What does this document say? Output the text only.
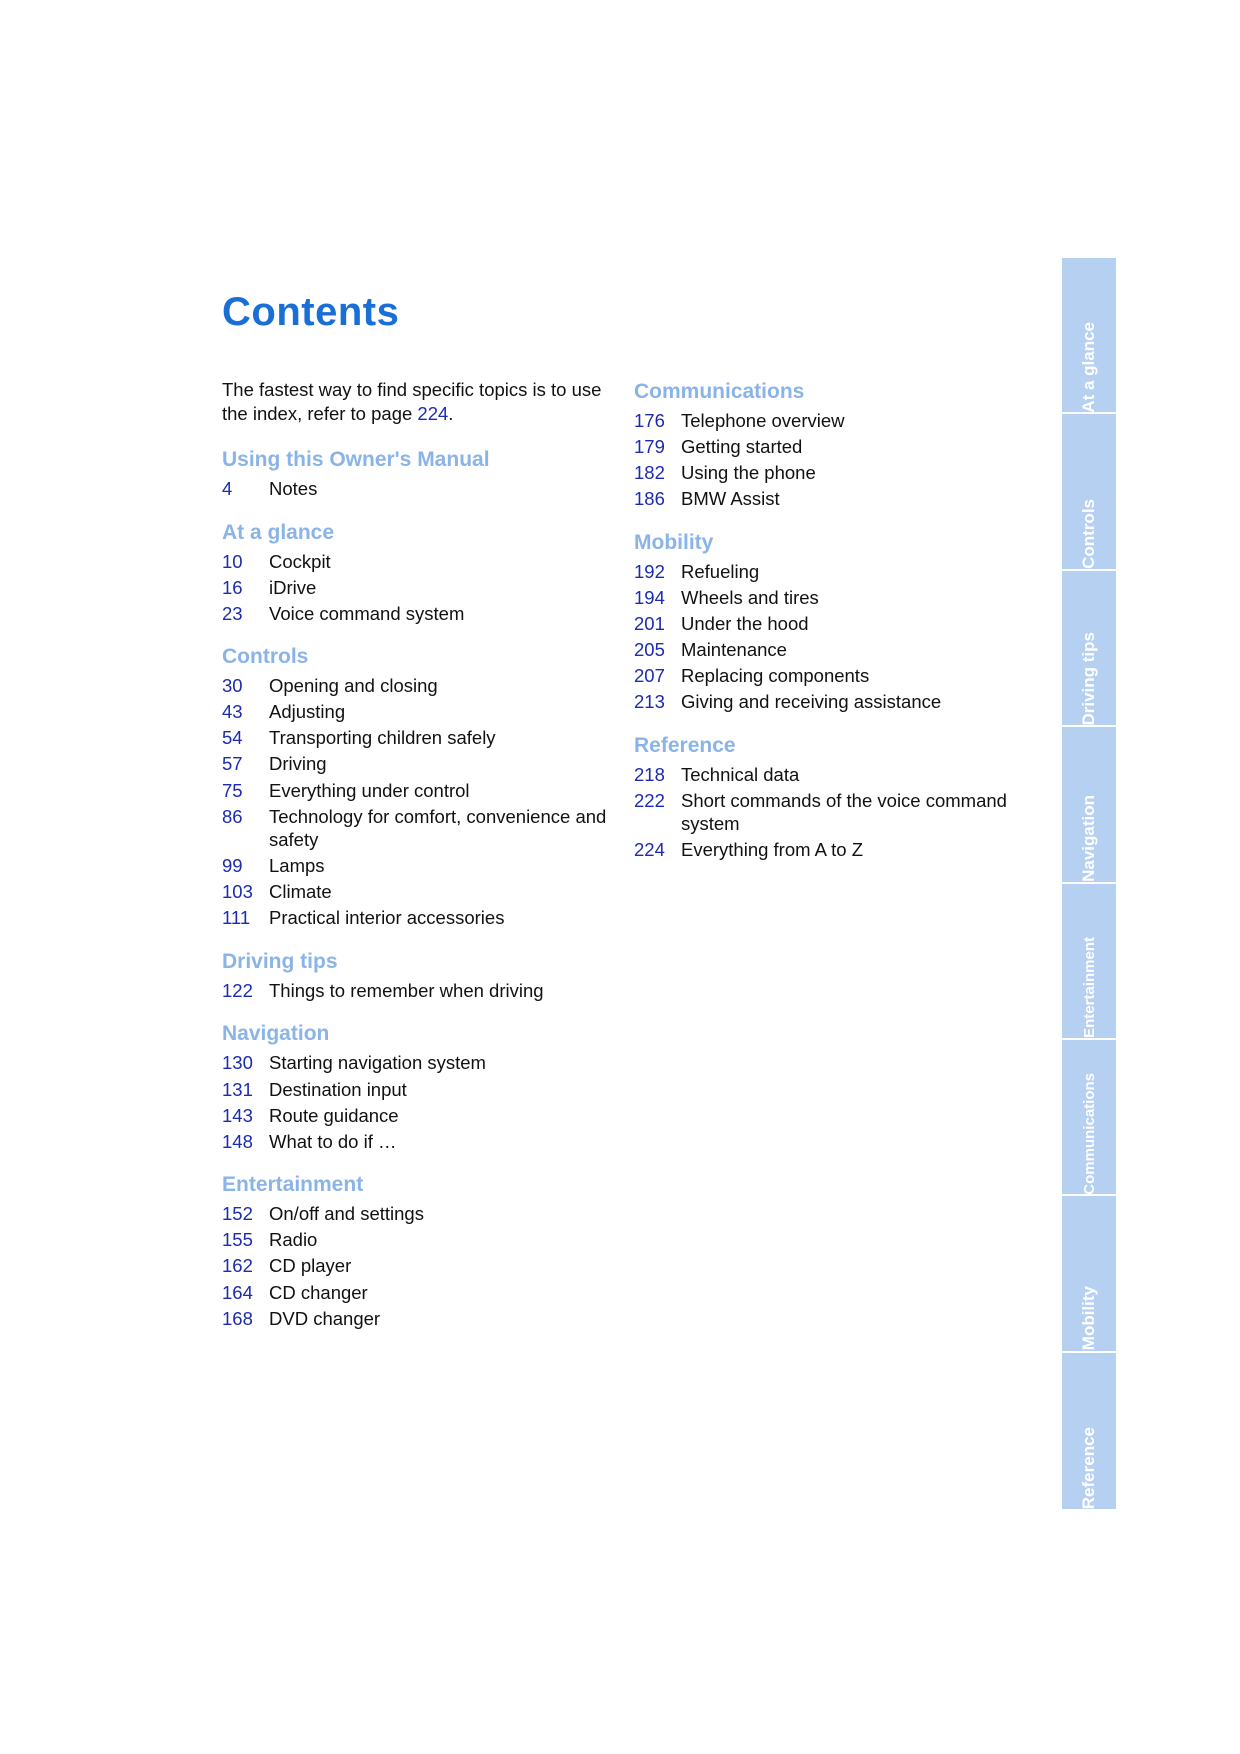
Contents

The fastest way to find specific topics is to use the index, refer to page 224.

Using this Owner's Manual
4	Notes
At a glance
10	Cockpit
16	iDrive
23	Voice command system
Controls
30	Opening and closing
43	Adjusting
54	Transporting children safely
57	Driving
75	Everything under control
86	Technology for comfort, convenience and safety
99	Lamps
103 Climate
111	Practical interior accessories
Driving tips
122 Things to remember when driving
Navigation
130 Starting navigation system
131 Destination input
143 Route guidance
148 What to do if …
Entertainment
152 On/off and settings
155 Radio
162 CD player
164 CD changer
168 DVD changer
Communications
176 Telephone overview
179 Getting started
182 Using the phone
186 BMW Assist
Mobility
192 Refueling
194 Wheels and tires
201 Under the hood
205 Maintenance
207 Replacing components
213 Giving and receiving assistance
Reference
218 Technical data
222 Short commands of the voice command system
224 Everything from A to Z
At a glance
Controls
Driving tips
Navigation
Entertainment
Communications
Mobility
Reference
